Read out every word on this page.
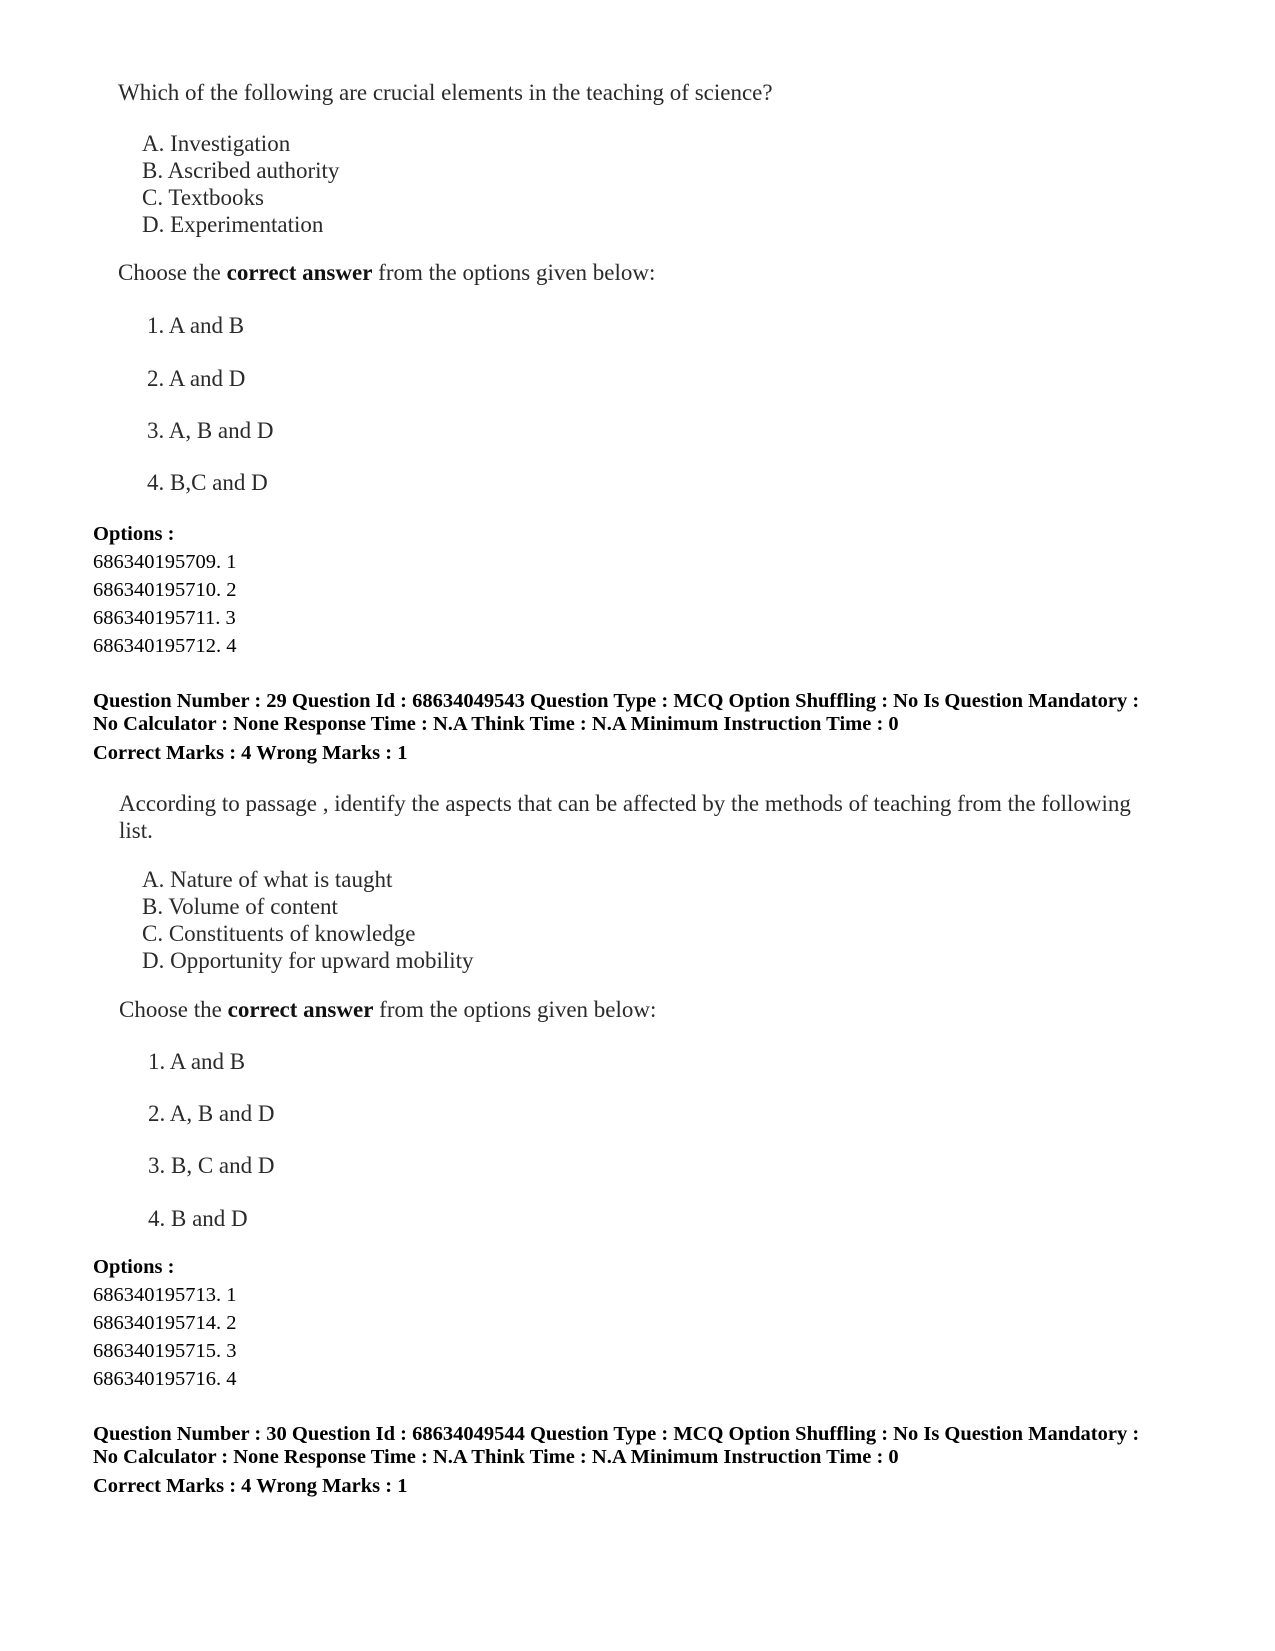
Which of the following are crucial elements in the teaching of science?
A. Investigation
B. Ascribed authority
C. Textbooks
D. Experimentation
Choose the correct answer from the options given below:
1. A and B
2. A and D
3. A, B and D
4. B,C and D
Options :
686340195709. 1
686340195710. 2
686340195711. 3
686340195712. 4
Question Number : 29 Question Id : 68634049543 Question Type : MCQ Option Shuffling : No Is Question Mandatory :
No Calculator : None Response Time : N.A Think Time : N.A Minimum Instruction Time : 0
Correct Marks : 4 Wrong Marks : 1
According to passage , identify the aspects that can be affected by the methods of teaching from the following
list.
A. Nature of what is taught
B. Volume of content
C. Constituents of knowledge
D. Opportunity for upward mobility
Choose the correct answer from the options given below:
1. A and B
2. A, B and D
3. B, C and D
4. B and D
Options :
686340195713. 1
686340195714. 2
686340195715. 3
686340195716. 4
Question Number : 30 Question Id : 68634049544 Question Type : MCQ Option Shuffling : No Is Question Mandatory :
No Calculator : None Response Time : N.A Think Time : N.A Minimum Instruction Time : 0
Correct Marks : 4 Wrong Marks : 1
